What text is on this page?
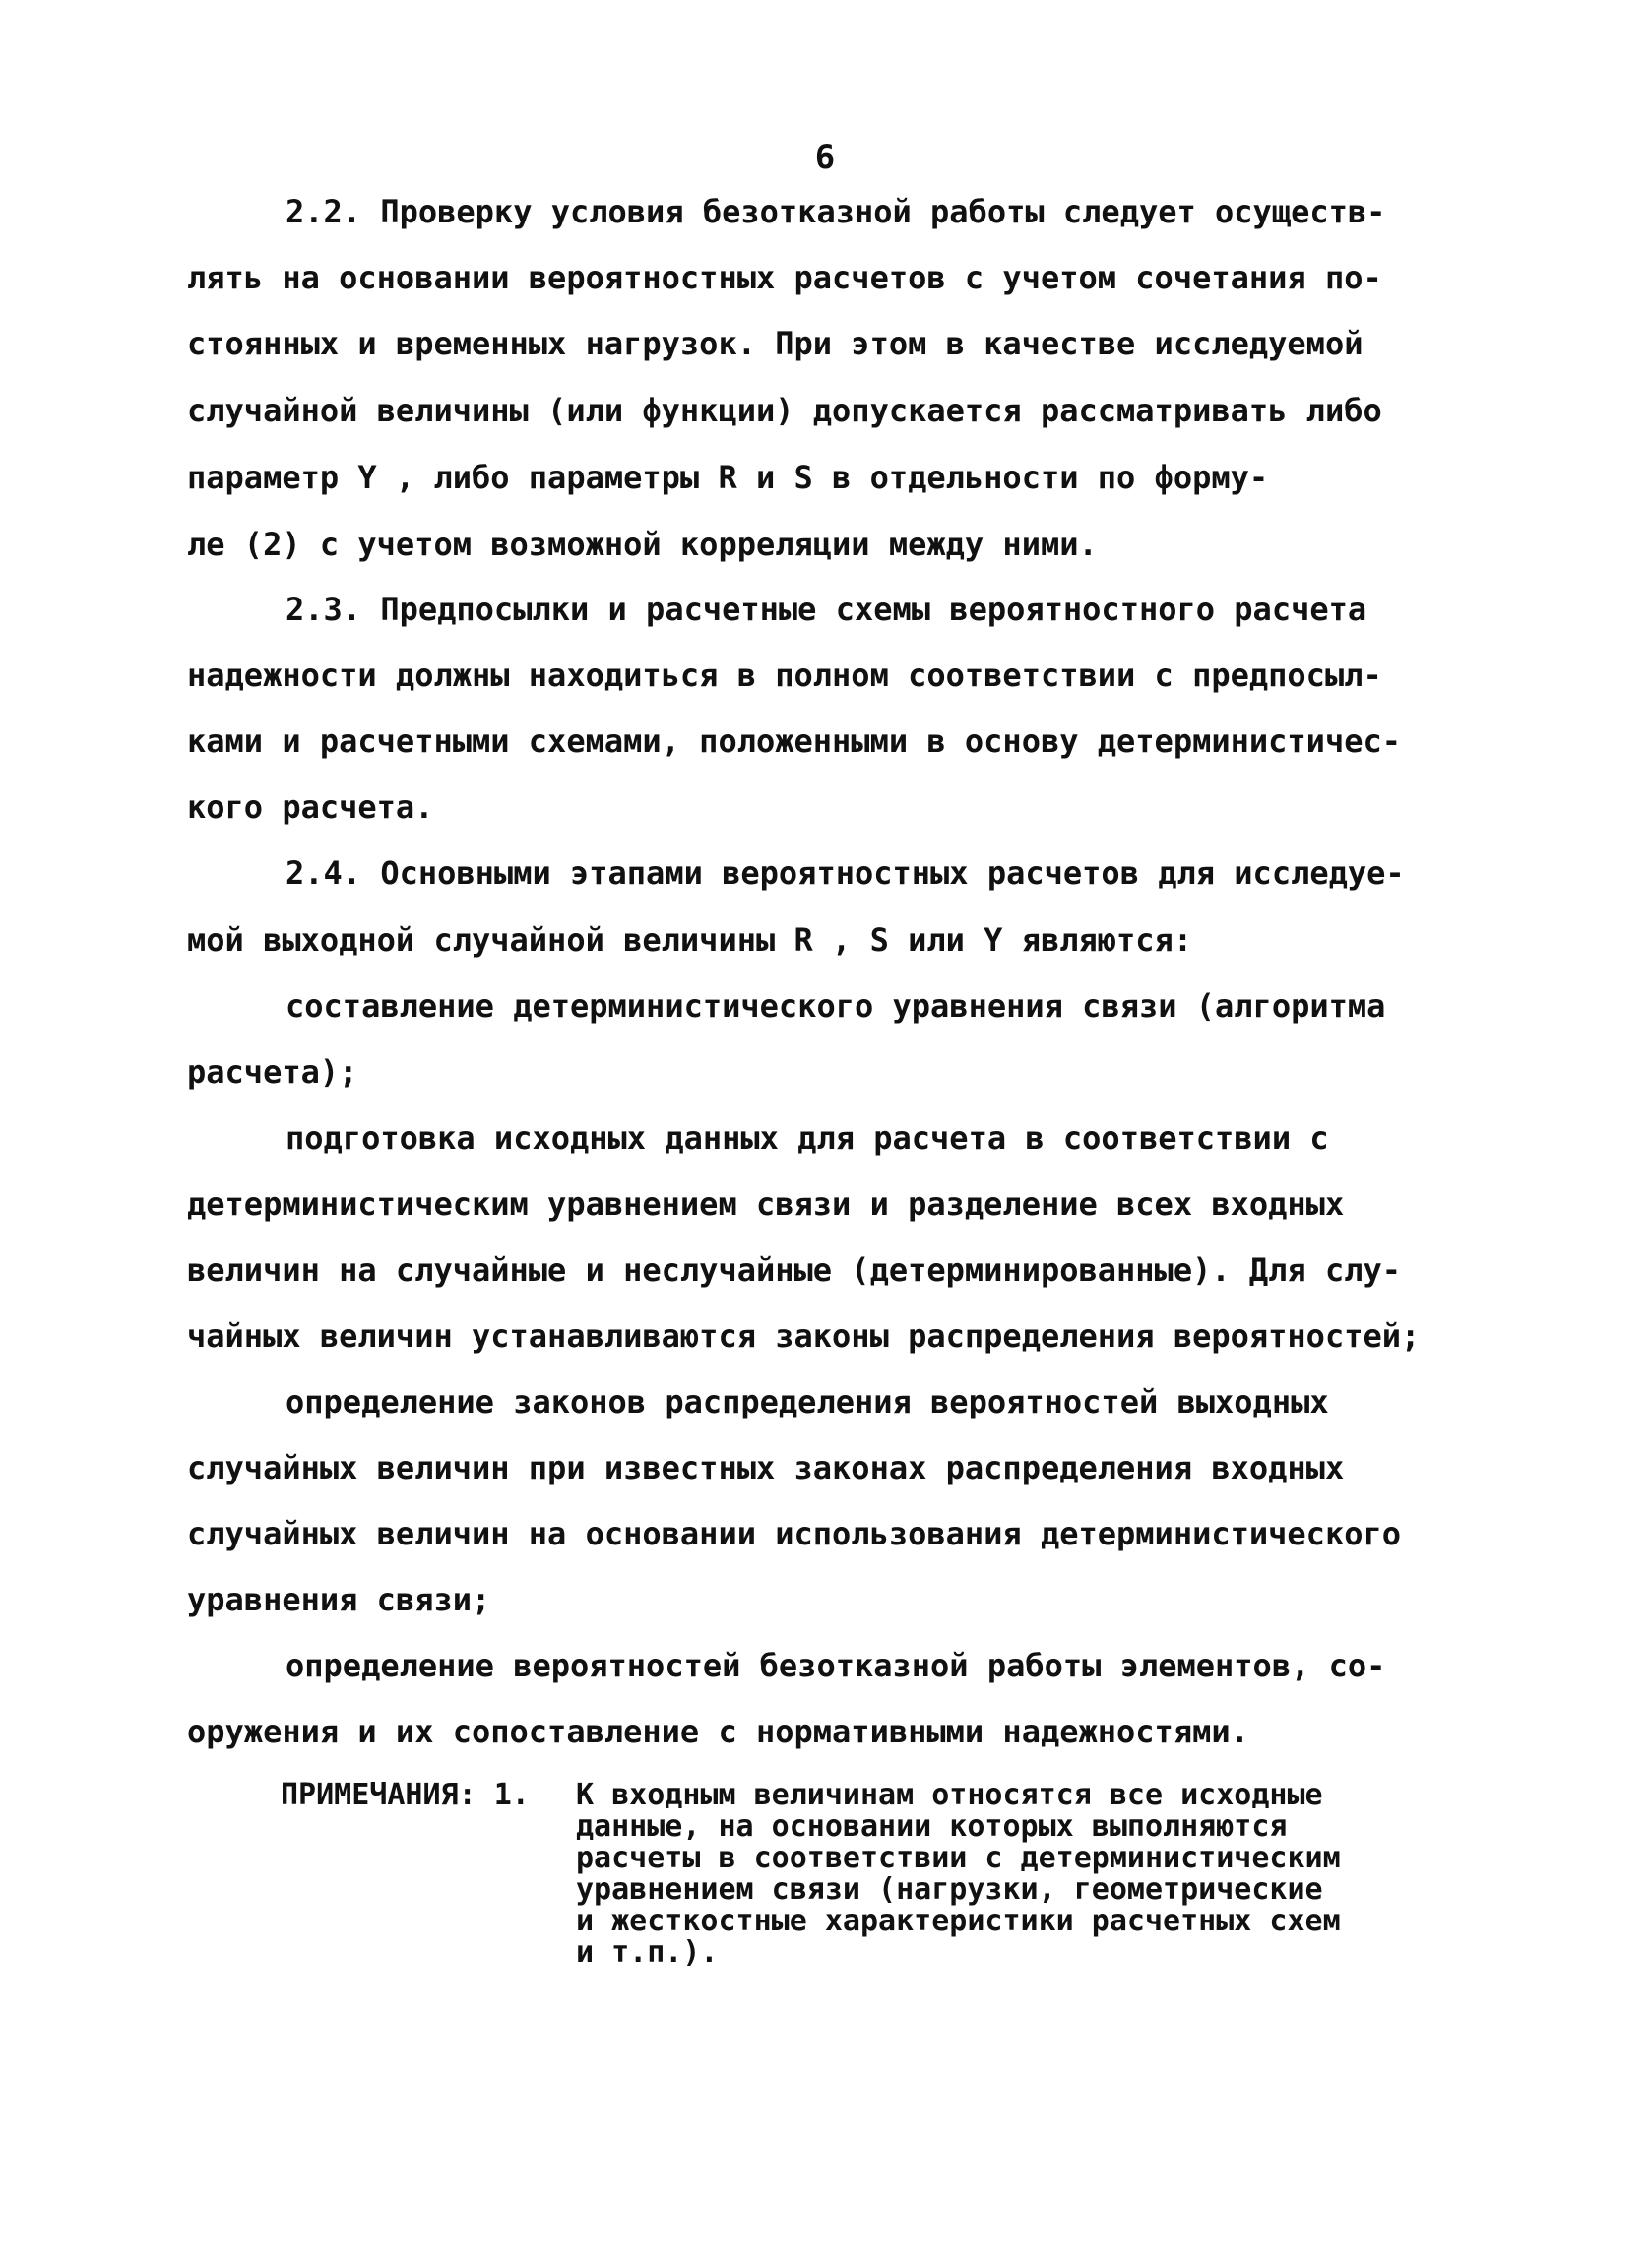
6
2.2. Проверку условия безотказной работы следует осуществ-
лять на основании вероятностных расчетов с учетом сочетания по-
стоянных и временных нагрузок. При этом в качестве исследуемой
случайной величины (или функции) допускается рассматривать либо
параметр Y , либо параметры R и S в отдельности по форму-
ле (2) с учетом возможной корреляции между ними.
2.3. Предпосылки и расчетные схемы вероятностного расчета
надежности должны находиться в полном соответствии с предпосыл-
ками и расчетными схемами, положенными в основу детерминистичес-
кого расчета.
2.4. Основными этапами вероятностных расчетов для исследуе-
мой выходной случайной величины R , S или Y являются:
составление детерминистического уравнения связи (алгоритма
расчета);
подготовка исходных данных для расчета в соответствии с
детерминистическим уравнением связи и разделение всех входных
величин на случайные и неслучайные (детерминированные). Для слу-
чайных величин устанавливаются законы распределения вероятностей;
определение законов распределения вероятностей выходных
случайных величин при известных законах распределения входных
случайных величин на основании использования детерминистического
уравнения связи;
определение вероятностей безотказной работы элементов, со-
оружения и их сопоставление с нормативными надежностями.
ПРИМЕЧАНИЯ: 1. К входным величинам относятся все исходные
данные, на основании которых выполняются
расчеты в соответствии с детерминистическим
уравнением связи (нагрузки, геометрические
и жесткостные характеристики расчетных схем
и т.п.).
